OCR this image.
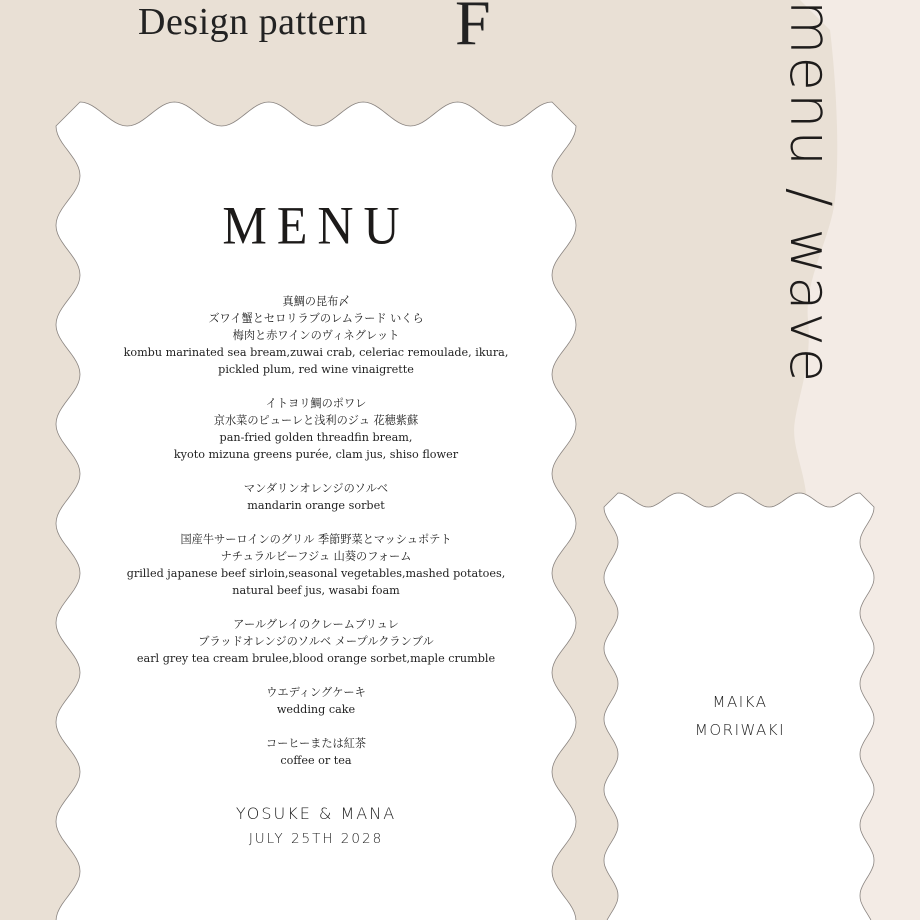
Design pattern F	menu / wave
MENU
真鯛の昆布〆
ズワイ蟹とセロリラブのレムラード いくら
梅肉と赤ワインのヴィネグレット
kombu marinated sea bream,zuwai crab, celeriac remoulade, ikura,
pickled plum, red wine vinaigrette
イトヨリ鯛のポワレ
京水菜のピューレと浅利のジュ 花穂紫蘇
pan-fried golden threadfin bream,
kyoto mizuna greens purée, clam jus, shiso flower
マンダリンオレンジのソルベ
mandarin orange sorbet
国産牛サーロインのグリル 季節野菜とマッシュポテト
ナチュラルビーフジュ 山葵のフォーム
grilled japanese beef sirloin,seasonal vegetables,mashed potatoes,
natural beef jus, wasabi foam
アールグレイのクレームブリュレ
ブラッドオレンジのソルベ メープルクランブル
earl grey tea cream brulee,blood orange sorbet,maple crumble
ウエディングケーキ
wedding cake
コーヒーまたは紅茶
coffee or tea
YOSUKE & MANA
JULY 25TH 2028
MAIKA
MORIWAKI
